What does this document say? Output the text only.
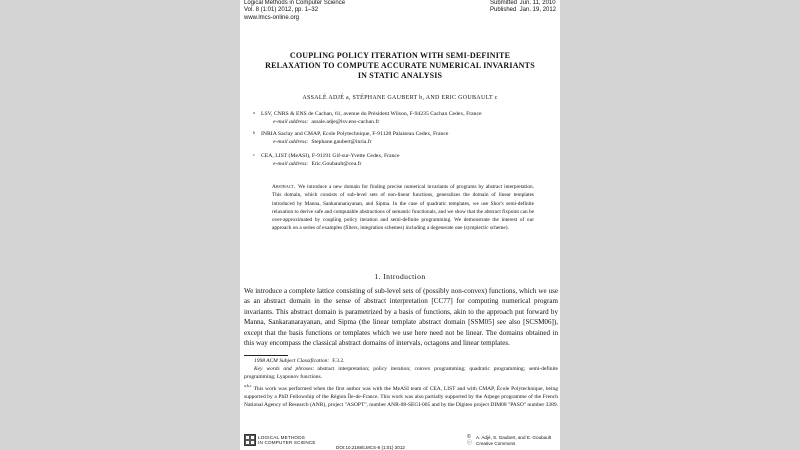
Logical Methods in Computer Science
Vol. 8 (1:01) 2012, pp. 1–32
www.lmcs-online.org
Submitted Jun. 11, 2010
Published Jan. 19, 2012
COUPLING POLICY ITERATION WITH SEMI-DEFINITE
RELAXATION TO COMPUTE ACCURATE NUMERICAL INVARIANTS
IN STATIC ANALYSIS
ASSALÉ ADJÉ a, STÉPHANE GAUBERT b, AND ERIC GOUBAULT c
a	LSV, CNRS & ENS de Cachan, 61, avenue du Président Wilson, F-94235 Cachan Cedex, France
e-mail address: assale.adje@lsv.ens-cachan.fr
b	INRIA Saclay and CMAP, Ecole Polytechnique, F-91128 Palaiseau Cedex, France
e-mail address: Stephane.gaubert@inria.fr
c	CEA, LIST (MeASI), F-91191 Gif-sur-Yvette Cedex, France
e-mail address: Eric.Goubault@cea.fr
Abstract. We introduce a new domain for finding precise numerical invariants of programs by abstract interpretation. This domain, which consists of sub-level sets of non-linear functions, generalizes the domain of linear templates introduced by Manna, Sankaranarayanan, and Sipma. In the case of quadratic templates, we use Shor's semi-definite relaxation to derive safe and computable abstractions of semantic functionals, and we show that the abstract fixpoint can be over-approximated by coupling policy iteration and semi-definite programming. We demonstrate the interest of our approach on a series of examples (filters, integration schemes) including a degenerate one (symplectic scheme).
1. Introduction
We introduce a complete lattice consisting of sub-level sets of (possibly non-convex) functions, which we use as an abstract domain in the sense of abstract interpretation [CC77] for computing numerical program invariants. This abstract domain is parametrized by a basis of functions, akin to the approach put forward by Manna, Sankaranarayanan, and Sipma (the linear template abstract domain [SSM05] see also [SCSM06]), except that the basis functions or templates which we use here need not be linear. The domains obtained in this way encompass the classical abstract domains of intervals, octagons and linear templates.
1998 ACM Subject Classification: F.3.2.
Key words and phrases: abstract interpretation; policy iteration; convex programming; quadratic programming; semi-definite programming; Lyapunov functions.
$^{a,b,c}$This work was performed when the first author was with the MeASI team of CEA, LIST and with CMAP, École Polytechnique, being supported by a PhD Fellowship of the Région Île-de-France. This work was also partially supported by the Arpege programme of the French National Agency of Research (ANR), project "ASOPT", number ANR-08-SEGI-005 and by the Digiteo project DIM08 "PASO" number 3389.
LOGICAL METHODS
IN COMPUTER SCIENCE
DOI:10.2168/LMCS-8 (1:01) 2012
© A. Adjé, S. Gaubert, and E. Goubault
ⓒ Creative Commons
